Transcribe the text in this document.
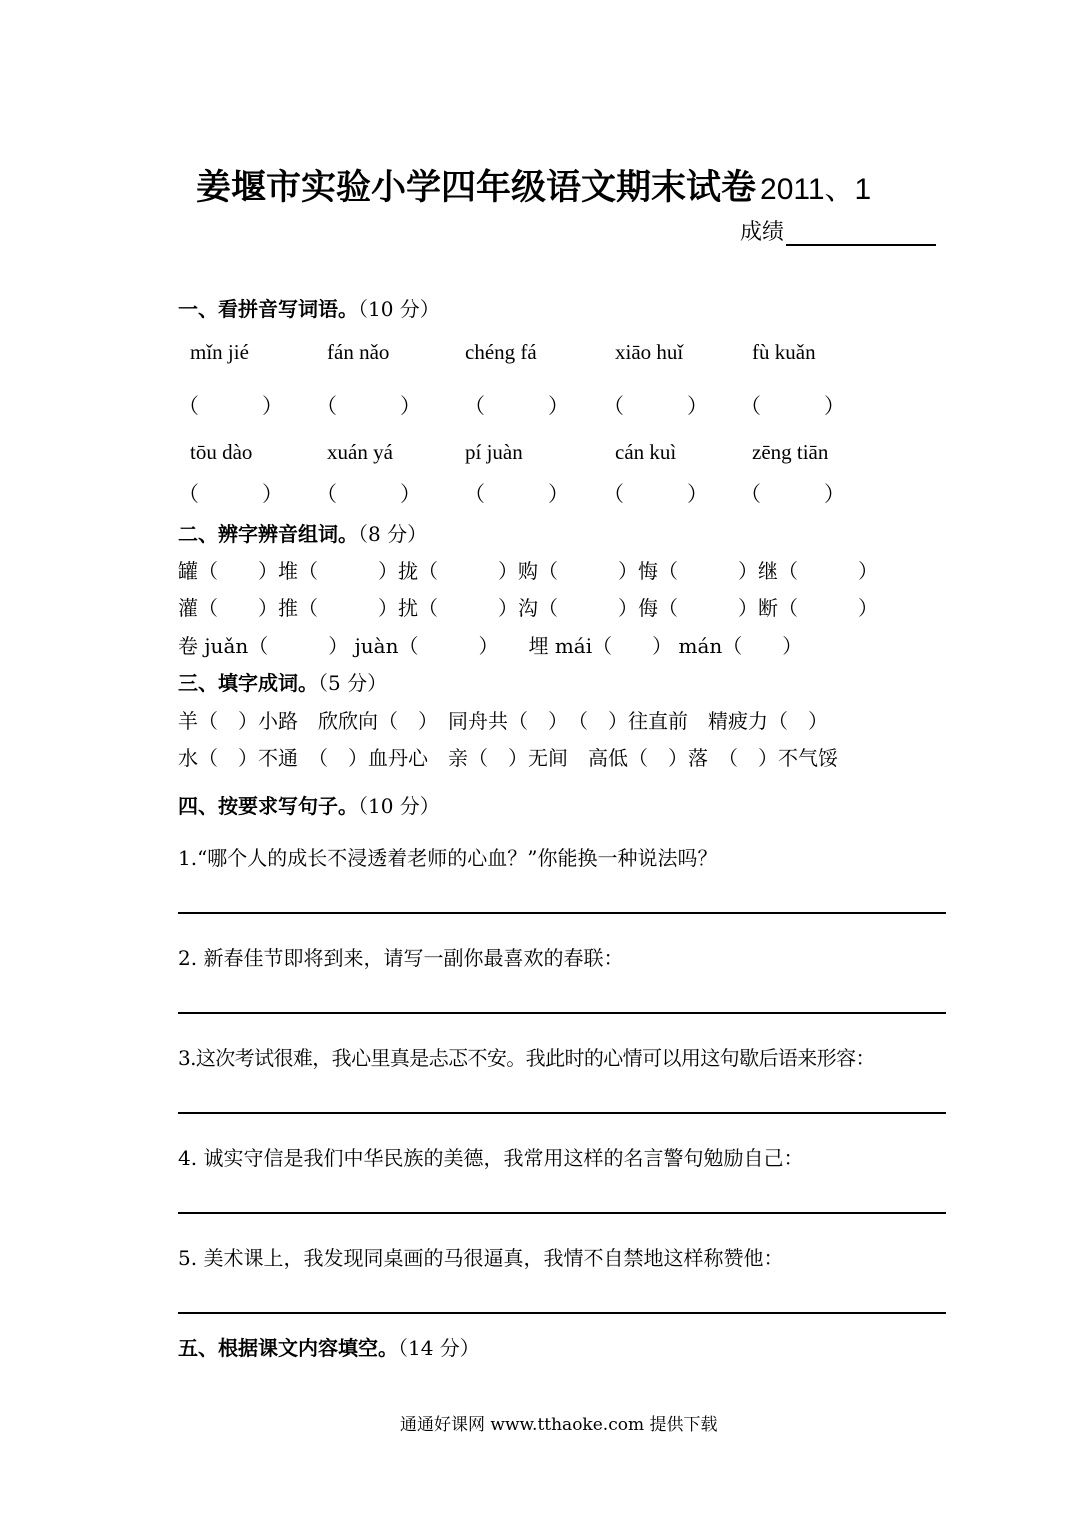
姜堰市实验小学四年级语文期末试卷 2011、1
成绩
一、看拼音写词语。（10 分）
mǐn jié	fán nǎo	chéng fá	xiāo huǐ	fù kuǎn
（　　　） （　　　） （　　　） （　　　） （　　　）
tōu dào	xuán yá	pí juàn	cán kuì	zēng tiān
（　　　） （　　　） （　　　） （　　　） （　　　）
二、辨字辨音组词。（8 分）
罐（　　）堆（　　　）拢（　　　）购（　　　）悔（　　　）继（　　　）
灌（　　）推（　　　）扰（　　　）沟（　　　）侮（　　　）断（　　　）
卷 juǎn（　　　） juàn（　　　）　　埋 mái（　　） mán（　　）
三、填字成词。（5 分）
羊（　）小路　欣欣向（　）　同舟共（　）　（　）往直前　精疲力（　）
水（　）不通　（　）血丹心　亲（　）无间　高低（　）落　（　）不气馁
四、按要求写句子。（10 分）
1.“哪个人的成长不浸透着老师的心血？”你能换一种说法吗？
2. 新春佳节即将到来，请写一副你最喜欢的春联：
3.这次考试很难，我心里真是忐忑不安。我此时的心情可以用这句歇后语来形容：
4. 诚实守信是我们中华民族的美德，我常用这样的名言警句勉励自己：
5. 美术课上，我发现同桌画的马很逼真，我情不自禁地这样称赞他：
五、根据课文内容填空。（14 分）
通通好课网 www.tthaoke.com 提供下载
